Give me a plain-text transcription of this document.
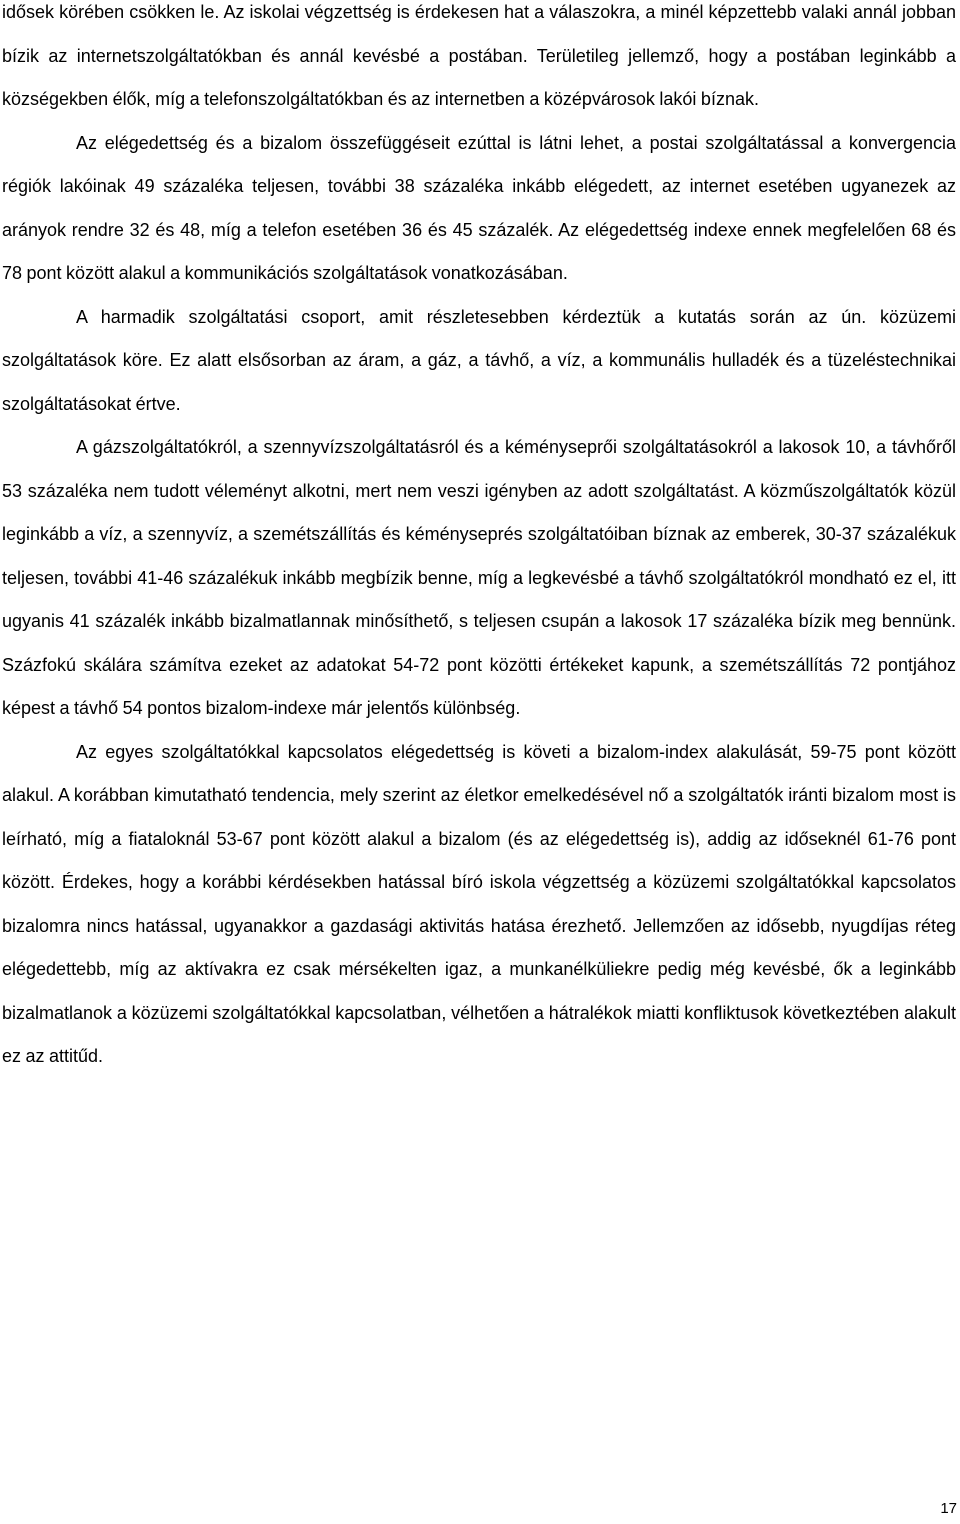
idősek körében csökken le. Az iskolai végzettség is érdekesen hat a válaszokra, a minél képzettebb valaki annál jobban bízik az internetszolgáltatókban és annál kevésbé a postában. Területileg jellemző, hogy a postában leginkább a községekben élők, míg a telefonszolgáltatókban és az internetben a középvárosok lakói bíznak.

Az elégedettség és a bizalom összefüggéseit ezúttal is látni lehet, a postai szolgáltatással a konvergencia régiók lakóinak 49 százaléka teljesen, további 38 százaléka inkább elégedett, az internet esetében ugyanezek az arányok rendre 32 és 48, míg a telefon esetében 36 és 45 százalék. Az elégedettség indexe ennek megfelelően 68 és 78 pont között alakul a kommunikációs szolgáltatások vonatkozásában.

A harmadik szolgáltatási csoport, amit részletesebben kérdeztük a kutatás során az ún. közüzemi szolgáltatások köre. Ez alatt elsősorban az áram, a gáz, a távhő, a víz, a kommunális hulladék és a tüzeléstechnikai szolgáltatásokat értve.

A gázszolgáltatókról, a szennyvízszolgáltatásról és a kéményseprői szolgáltatásokról a lakosok 10, a távhőről 53 százaléka nem tudott véleményt alkotni, mert nem veszi igényben az adott szolgáltatást. A közműszolgáltatók közül leginkább a víz, a szennyvíz, a szemétszállítás és kéményseprés szolgáltatóiban bíznak az emberek, 30-37 százalékuk teljesen, további 41-46 százalékuk inkább megbízik benne, míg a legkevésbé a távhő szolgáltatókról mondható ez el, itt ugyanis 41 százalék inkább bizalmatlannak minősíthető, s teljesen csupán a lakosok 17 százaléka bízik meg bennünk. Százfokú skálára számítva ezeket az adatokat 54-72 pont közötti értékeket kapunk, a szemétszállítás 72 pontjához képest a távhő 54 pontos bizalom-indexe már jelentős különbség.

Az egyes szolgáltatókkal kapcsolatos elégedettség is követi a bizalom-index alakulását, 59-75 pont között alakul. A korábban kimutatható tendencia, mely szerint az életkor emelkedésével nő a szolgáltatók iránti bizalom most is leírható, míg a fiataloknál 53-67 pont között alakul a bizalom (és az elégedettség is), addig az időseknél 61-76 pont között. Érdekes, hogy a korábbi kérdésekben hatással bíró iskola végzettség a közüzemi szolgáltatókkal kapcsolatos bizalomra nincs hatással, ugyanakkor a gazdasági aktivitás hatása érezhető. Jellemzően az idősebb, nyugdíjas réteg elégedettebb, míg az aktívakra ez csak mérsékelten igaz, a munkanélküliekre pedig még kevésbé, ők a leginkább bizalmatlanok a közüzemi szolgáltatókkal kapcsolatban, vélhetően a hátralékok miatti konfliktusok következtében alakult ez az attitűd.

17
